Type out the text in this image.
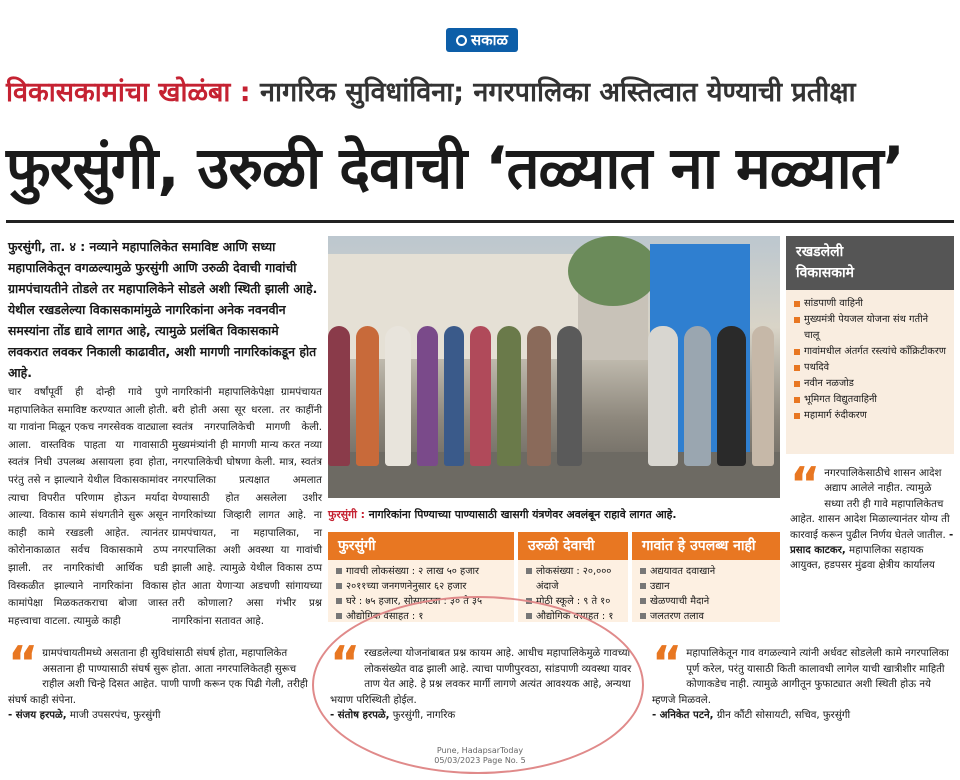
सकाळ
विकासकामांचा खोळंबा : नागरिक सुविधांविना; नगरपालिका अस्तित्वात येण्याची प्रतीक्षा
फुरसुंगी, उरुळी देवाची ‘तळ्यात ना मळ्यात’
फुरसुंगी, ता. ४ : नव्याने महापालिकेत समाविष्ट आणि सध्या महापालिकेतून वगळल्यामुळे फुरसुंगी आणि उरुळी देवाची गावांची ग्रामपंचायतीने तोडले तर महापालिकेने सोडले अशी स्थिती झाली आहे. येथील रखडलेल्या विकासकामांमुळे नागरिकांना अनेक नवनवीन समस्यांना तोंड द्यावे लागत आहे, त्यामुळे प्रलंबित विकासकामे लवकरात लवकर निकाली काढावीत, अशी मागणी नागरिकांकडून होत आहे.
चार वर्षांपूर्वी ही दोन्ही गावे पुणे महापालिकेत समाविष्ट करण्यात आली होती. या गावांना मिळून एकच नगरसेवक वाट्याला आला. वास्तविक पाहता या गावासाठी स्वतंत्र निधी उपलब्ध असायला हवा होता, परंतु तसे न झाल्याने येथील विकासकामांवर त्याचा विपरीत परिणाम होऊन मर्यादा आल्या. विकास कामे संथगतीने सुरू असून काही कामे रखडली आहेत. त्यानंतर कोरोनाकाळात सर्वच विकासकामे ठप्प झाली. तर नागरिकांची आर्थिक घडी विस्कळीत झाल्याने नागरिकांना विकास कामांपेक्षा मिळकतकराचा बोजा जास्त महत्त्वाचा वाटला. त्यामुळे काही
नागरिकांनी महापालिकेपेक्षा ग्रामपंचायत बरी होती असा सूर धरला. तर काहींनी स्वतंत्र नगरपालिकेची मागणी केली. मुख्यमंत्र्यांनी ही मागणी मान्य करत नव्या नगरपालिकेची घोषणा केली. मात्र, स्वतंत्र नगरपालिका प्रत्यक्षात अमलात येण्यासाठी होत असलेला उशीर नागरिकांच्या जिव्हारी लागत आहे. ना ग्रामपंचायत, ना महापालिका, ना नगरपालिका अशी अवस्था या गावांची झाली आहे. त्यामुळे येथील विकास ठप्प होत आता येणाऱ्या अडचणी सांगायच्या तरी कोणाला? असा गंभीर प्रश्न नागरिकांना सतावत आहे.
फुरसुंगी : नागरिकांना पिण्याच्या पाण्यासाठी खासगी यंत्रणेवर अवलंबून राहावे लागत आहे.
रखडलेली
विकासकामे
सांडपाणी वाहिनी
मुख्यमंत्री पेयजल योजना संथ गतीने चालू
गावांमधील अंतर्गत रस्त्यांचे काँक्रिटीकरण
पथदिवे
नवीन नळजोड
भूमिगत विद्युतवाहिनी
महामार्ग रुंदीकरण
“ नगरपालिकेसाठीचे शासन आदेश अद्याप आलेले नाहीत. त्यामुळे सध्या तरी ही गावे महापालिकेतच आहेत. शासन आदेश मिळाल्यानंतर योग्य ती कारवाई करून पुढील निर्णय घेतले जातील. - प्रसाद काटकर, महापालिका सहायक आयुक्त, हडपसर मुंढवा क्षेत्रीय कार्यालय
फुरसुंगी
गावची लोकसंख्या : २ लाख ५० हजार
२०११च्या जनगणनेनुसार ६२ हजार
घरे : ७५ हजार, सोसायट्या : ३० ते ३५
औद्योगिक वसाहत : १
उरुळी देवाची
लोकसंख्या : २०,००० अंदाजे
मोठी स्कूले : ९ ते १०
औद्योगिक वसाहत : १
गावांत हे उपलब्ध नाही
अद्ययावत दवाखाने
उद्यान
खेळण्याची मैदाने
जलतरण तलाव
“ ग्रामपंचायतीमध्ये असताना ही सुविधांसाठी संघर्ष होता, महापालिकेत असताना ही पाण्यासाठी संघर्ष सुरू होता. आता नगरपालिकेतही सुरूच राहील अशी चिन्हे दिसत आहेत. पाणी पाणी करून एक पिढी गेली, तरीही संघर्ष काही संपेना.
- संजय हरपळे, माजी उपसरपंच, फुरसुंगी
“ रखडलेल्या योजनांबाबत प्रश्न कायम आहे. आधीच महापालिकेमुळे गावच्या लोकसंख्येत वाढ झाली आहे. त्याचा पाणीपुरवठा, सांडपाणी व्यवस्था यावर ताण येत आहे. हे प्रश्न लवकर मार्गी लागणे अत्यंत आवश्यक आहे, अन्यथा भयाण परिस्थिती होईल.
- संतोष हरपळे, फुरसुंगी, नागरिक
“ महापालिकेतून गाव वगळल्याने त्यांनी अर्धवट सोडलेली कामे नगरपालिका पूर्ण करेल, परंतु यासाठी किती कालावधी लागेल याची खात्रीशीर माहिती कोणाकडेच नाही. त्यामुळे आगीतून फुफाट्यात अशी स्थिती होऊ नये म्हणजे मिळवले.
- अनिकेत पटने, ग्रीन कौंटी सोसायटी, सचिव, फुरसुंगी
Pune, HadapsarToday
05/03/2023 Page No. 5
